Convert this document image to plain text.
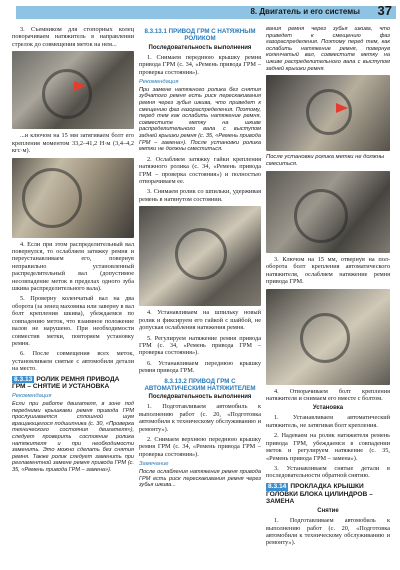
8. Двигатель и его системы 37

3. Съемником для стопорных колец поворачиваем натяжитель в направлении стрелок до совмещения меток на нем...

...и ключом на 15 мм затягиваем болт его крепления моментом 33,2–41,2 Н·м (3,4–4,2 кгс·м).

4. Если при этом распределительный вал повернулся, то ослабляем затяжку ремня и переустанавливаем его, повернув неправильно установленный распределительный вал (допустимое несовпадение меток в пределах одного зуба шкива распределительного вала).

5. Проверну коленчатый вал на два оборота (за зенец маховика или заверну в вал болт крепления шкива), убеждаемся по совпадению меток, что взаимное положение валов не нарушено. При необходимости совместив метки, повторяем установку ремня.

6. После совмещения всех меток, установливаем снятые с автомобиля детали на место.

8.3.13 РОЛИК РЕМНЯ ПРИВОДА ГРМ – СНЯТИЕ И УСТАНОВКА
Рекомендация
Если при работе двигателя, в зоне под передними крышками ремня привода ГРМ прослушивается сплошной шум вращающегося подшипника (с. 30, «Проверка технического состояния двигателя»), следует проверить состояние ролика натяжителя и при необходимости заменить. Это можно сделать без снятия ремня. Также ролик следует заменить при регламентной замене ремня привода ГРМ (с. 35, «Ремень привода ГРМ – замена»).
8.3.13.1 ПРИВОД ГРМ С НАТЯЖНЫМ РОЛИКОМ
Последовательность выполнения

1. Снимаем переднюю крышку ремня привода ГРМ (с. 34, «Ремень привода ГРМ – проверка состояния»).

Рекомендация
При замене натяжного ролика без снятия зубчатого ремня есть риск перескакивания ремня через зубья шкива, что приведет к смещению фаз газораспределения. Поэтому, перед тем как ослабить натяжение ремня, совместите метку на шкиве распределительного вала с выступом задней крышки ремня (с. 35, «Ремень привода ГРМ – замена»). После установки ролика метки не должны сместиться.

2. Ослабляем затяжку гайки крепления натяжного ролика (с. 34, «Ремень привода ГРМ – проверка состояния») и полностью отворачиваем ее.

3. Снимаем ролик со шпильки, удерживая ремень в натянутом состоянии.

4. Устанавливаем на шпильку новый ролик и фиксируем его гайкой с шайбой, не допуская ослабления натяжения ремня.

5. Регулируем натяжение ремня привода ГРМ (с. 34, «Ремень привода ГРМ – проверка состояния»).

6. Устанавливаем переднюю крышку ремня привода ГРМ.

8.3.13.2 ПРИВОД ГРМ С АВТОМАТИЧЕСКИМ НАТЯЖИТЕЛЕМ
Последовательность выполнения

1. Подготавливаем автомобиль к выполнению работ (с. 20, «Подготовка автомобиля к техническому обслуживанию и ремонту»).

2. Снимаем верхнюю переднюю крышку ремня ГРМ (с. 34, «Ремень привода ГРМ – проверка состояния»).

Замечание
После ослабления натяжения ремня привода ГРМ есть риск перескакивания ремня через зубья шкива...
вания ремня через зубья шкива, что приведет к смещению фаз газораспределения. Поэтому перед тем, как ослабить натяжение ремня, повернув коленчатый вал, совместите метку на шкиве распределительного вала с выступом задней крышки ремня.
После установки ролика метки не должны смеситься.

3. Ключом на 15 мм, отвернув на пол-оборота болт крепления автоматического натяжителя, ослабляем натяжение ремня привода ГРМ.

4. Отворачиваем болт крепления натяжителя и снимаем его вместе с болтом.

Установка

1. Устанавливаем автоматический натяжитель, не затягивая болт крепления.

2. Надеваем на ролик натяжителя ремень привода ГРМ, убеждаемся в совпадении меток и регулируем натяжение (с. 35, «Ремень привода ГРМ – замена»).

3. Устанавливаем снятые детали в последовательности обратной снятию.

8.3.14 ПРОКЛАДКА КРЫШКИ ГОЛОВКИ БЛОКА ЦИЛИНДРОВ – ЗАМЕНА
Снятие

1. Подготавливаем автомобиль к выполнению работ (с. 20, «Подготовка автомобиля к техническому обслуживанию и ремонту»).
